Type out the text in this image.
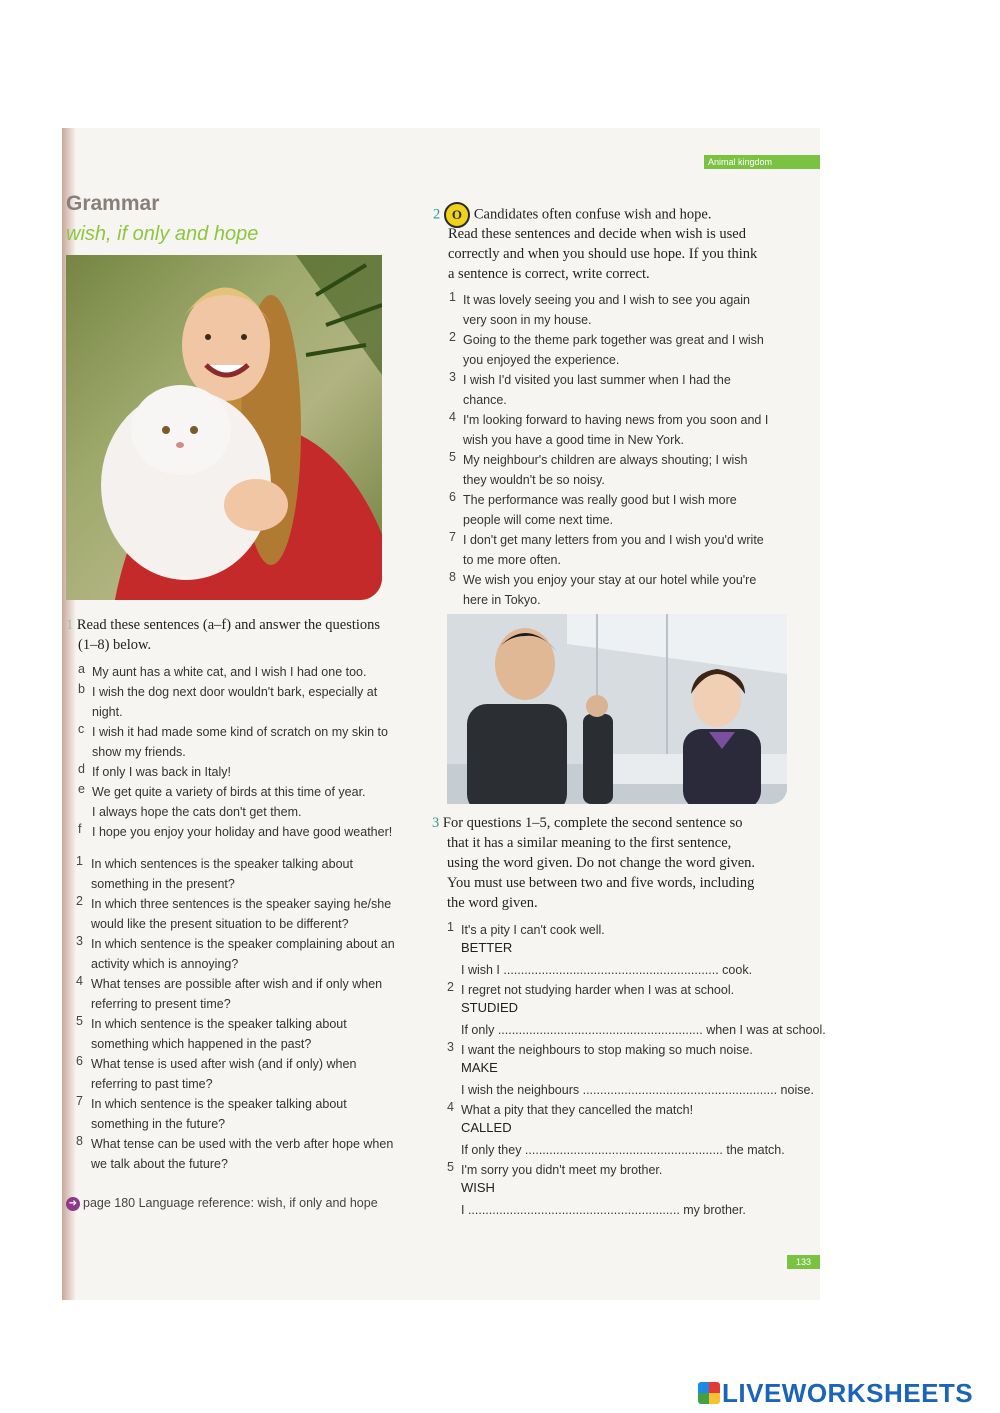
Animal kingdom
Grammar
wish, if only and hope
1 Read these sentences (a–f) and answer the questions
(1–8) below.
a My aunt has a white cat, and I wish I had one too.
b I wish the dog next door wouldn't bark, especially at
night.
c I wish it had made some kind of scratch on my skin to
show my friends.
d If only I was back in Italy!
e We get quite a variety of birds at this time of year.
I always hope the cats don't get them.
f I hope you enjoy your holiday and have good weather!
1 In which sentences is the speaker talking about
something in the present?
2 In which three sentences is the speaker saying he/she
would like the present situation to be different?
3 In which sentence is the speaker complaining about an
activity which is annoying?
4 What tenses are possible after wish and if only when
referring to present time?
5 In which sentence is the speaker talking about
something which happened in the past?
6 What tense is used after wish (and if only) when
referring to past time?
7 In which sentence is the speaker talking about
something in the future?
8 What tense can be used with the verb after hope when
we talk about the future?
➜ page 180 Language reference: wish, if only and hope
2 O Candidates often confuse wish and hope.
Read these sentences and decide when wish is used
correctly and when you should use hope. If you think
a sentence is correct, write correct.
1 It was lovely seeing you and I wish to see you again
very soon in my house.
2 Going to the theme park together was great and I wish
you enjoyed the experience.
3 I wish I'd visited you last summer when I had the
chance.
4 I'm looking forward to having news from you soon and I
wish you have a good time in New York.
5 My neighbour's children are always shouting; I wish
they wouldn't be so noisy.
6 The performance was really good but I wish more
people will come next time.
7 I don't get many letters from you and I wish you'd write
to me more often.
8 We wish you enjoy your stay at our hotel while you're
here in Tokyo.
3 For questions 1–5, complete the second sentence so
that it has a similar meaning to the first sentence,
using the word given. Do not change the word given.
You must use between two and five words, including
the word given.
1 It's a pity I can't cook well.
BETTER
I wish I .............................................................. cook.
2 I regret not studying harder when I was at school.
STUDIED
If only ........................................................... when I was at school.
3 I want the neighbours to stop making so much noise.
MAKE
I wish the neighbours ........................................................ noise.
4 What a pity that they cancelled the match!
CALLED
If only they ......................................................... the match.
5 I'm sorry you didn't meet my brother.
WISH
I ............................................................. my brother.
133
LIVEWORKSHEETS
